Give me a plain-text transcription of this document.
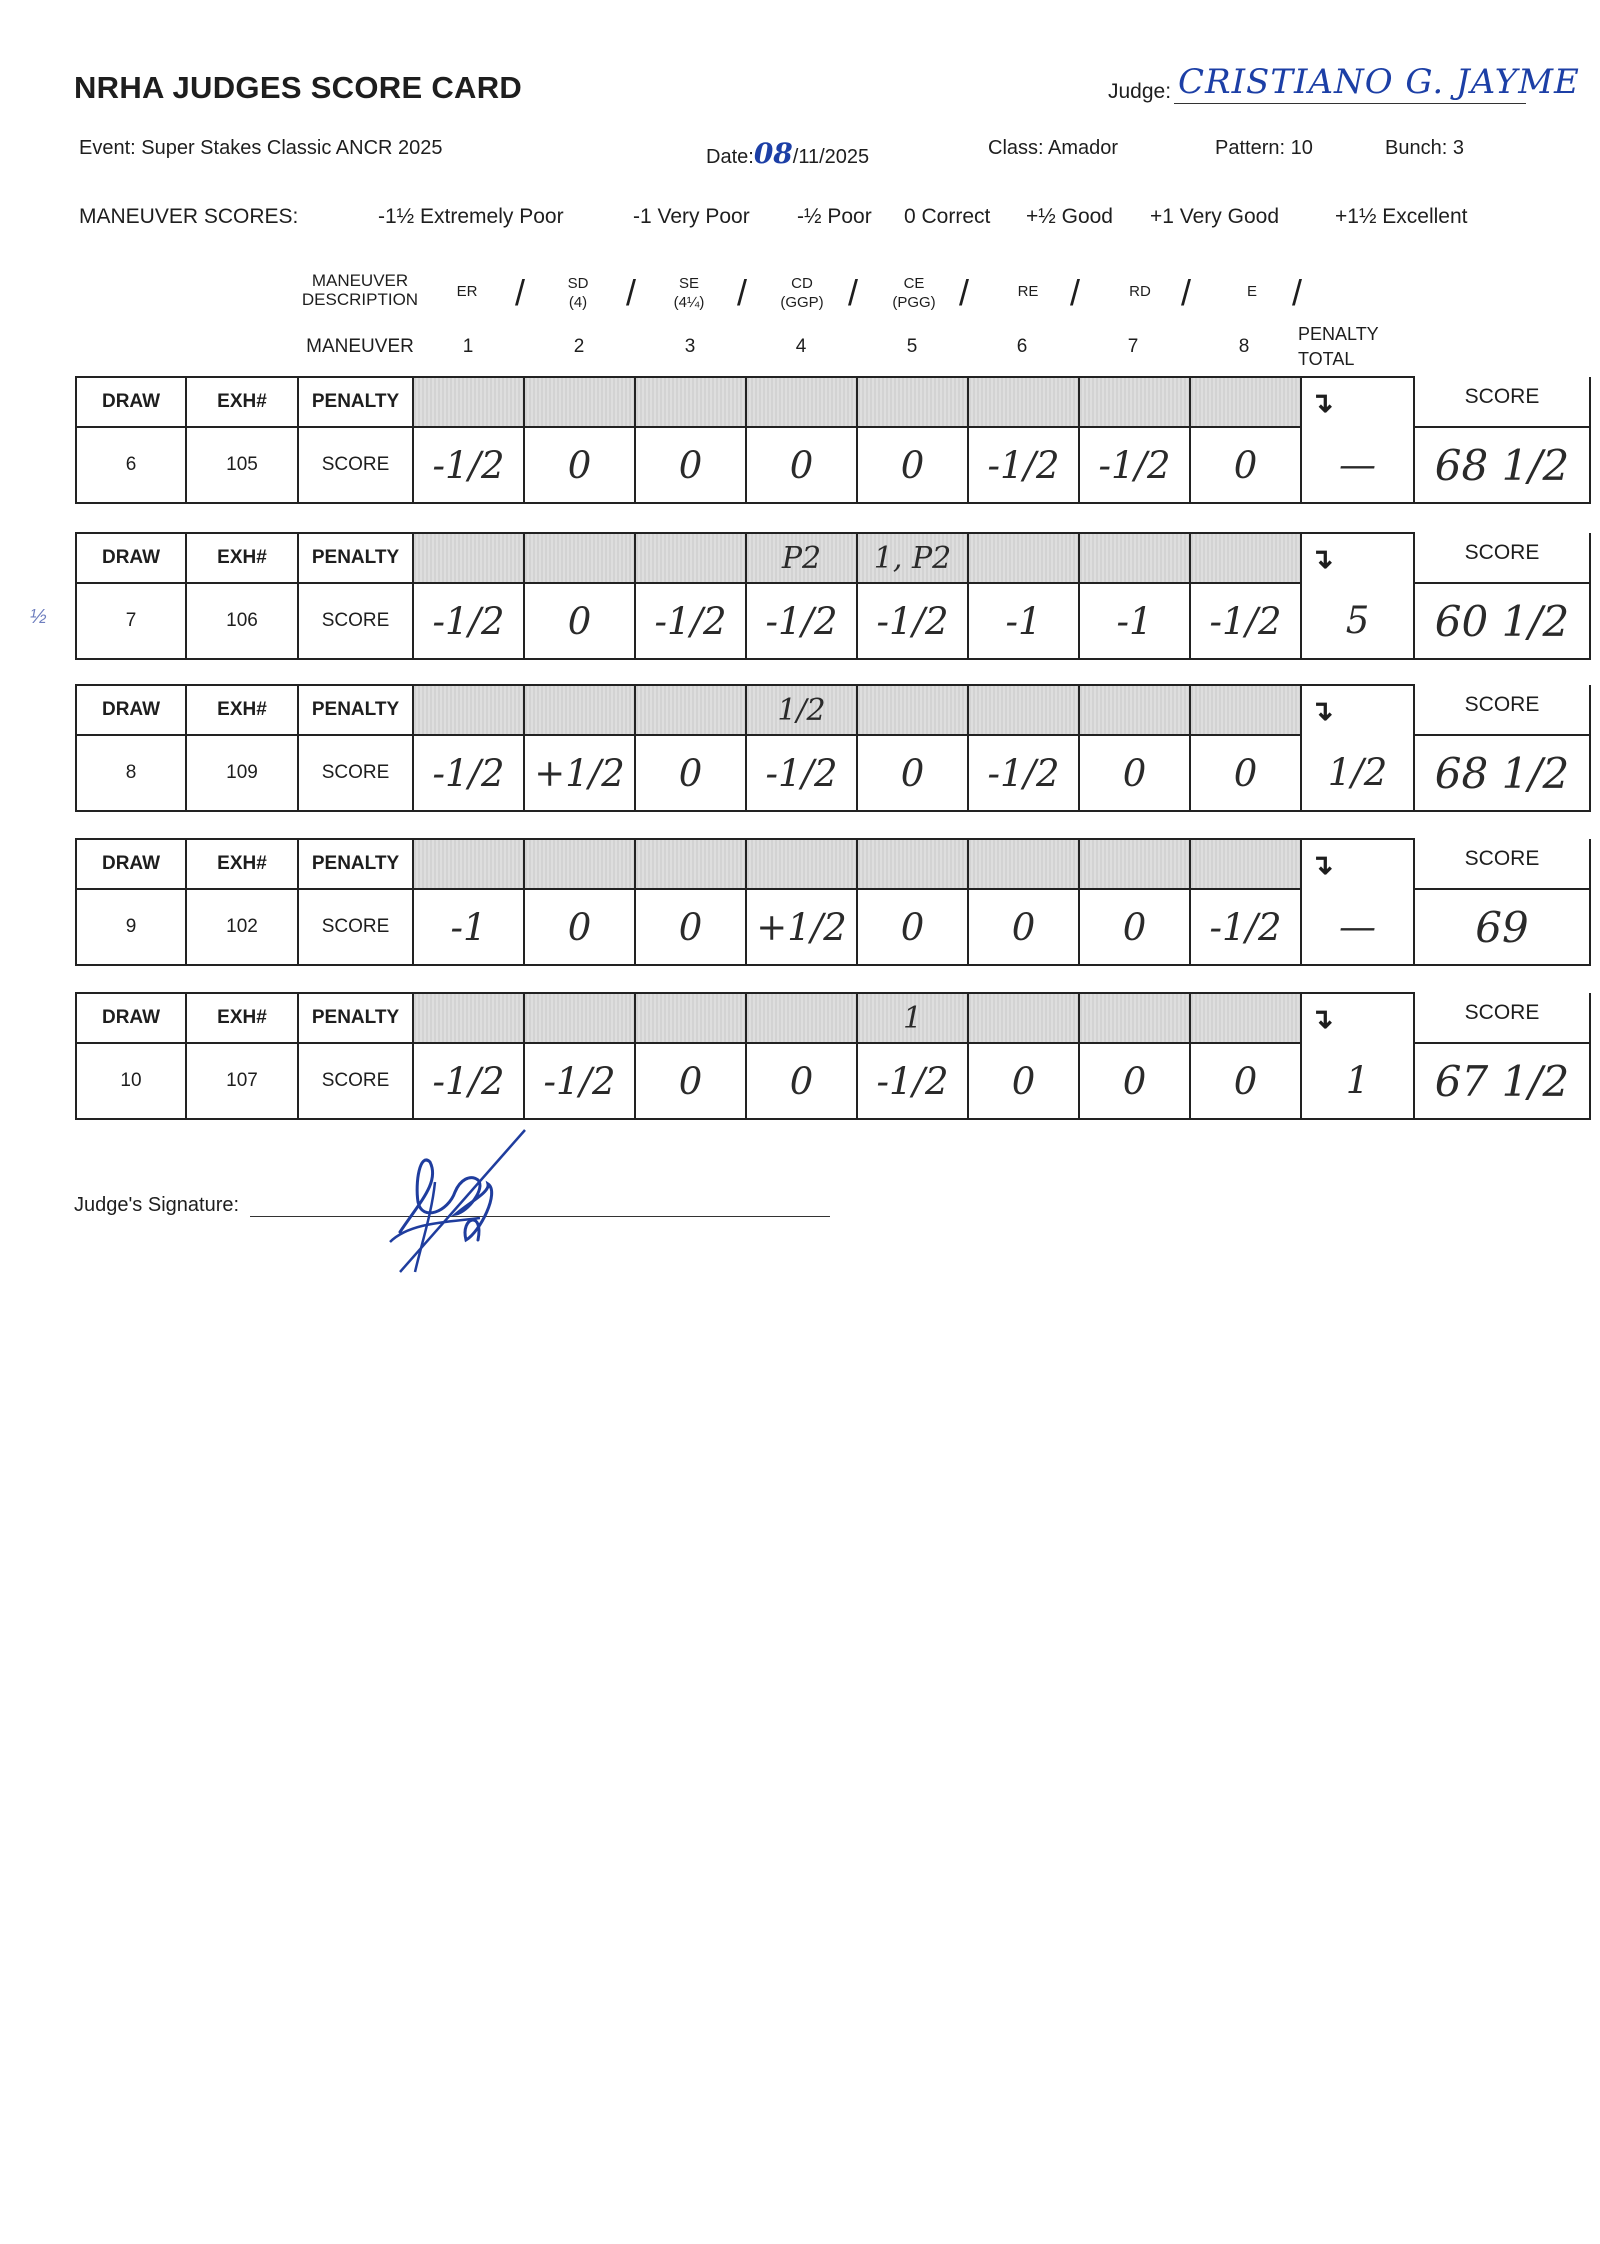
NRHA JUDGES SCORE CARD	Judge: CRISTIANO G. JAYME
Event: Super Stakes Classic ANCR 2025	Date:08/11/2025	Class: Amador	Pattern: 10	Bunch: 3
MANEUVER SCORES:	-1½ Extremely Poor	-1 Very Poor -½ Poor 0 Correct +½ Good +1 Very Good	+1½ Excellent
MANEUVER DESCRIPTION	ER	SD
(4)
SE
(4¼)
CD
(GGP)
CE
(PGG)
RE	RD	E

/	/	/	/	/	/	/	/
MANEUVER	1	2	3	4	5	6	7	8
PENALTY TOTAL
½
DRAW	EXH#	PENALTY									↴	SCORE
6	105	SCORE	-1/2	0	0	0	0	-1/2	-1/2	0	—	68 1/2
DRAW	EXH#	PENALTY				P2	1, P2				↴	SCORE
7	106	SCORE	-1/2	0	-1/2	-1/2	-1/2	-1	-1	-1/2	5	60 1/2
DRAW	EXH#	PENALTY				1/2					↴	SCORE
8	109	SCORE	-1/2	+1/2	0	-1/2	0	-1/2	0	0	1/2	68 1/2
DRAW	EXH#	PENALTY									↴	SCORE
9	102	SCORE	-1	0	0	+1/2	0	0	0	-1/2	—	69
DRAW	EXH#	PENALTY					1				↴	SCORE
10	107	SCORE	-1/2	-1/2	0	0	-1/2	0	0	0	1	67 1/2
Judge's Signature:
